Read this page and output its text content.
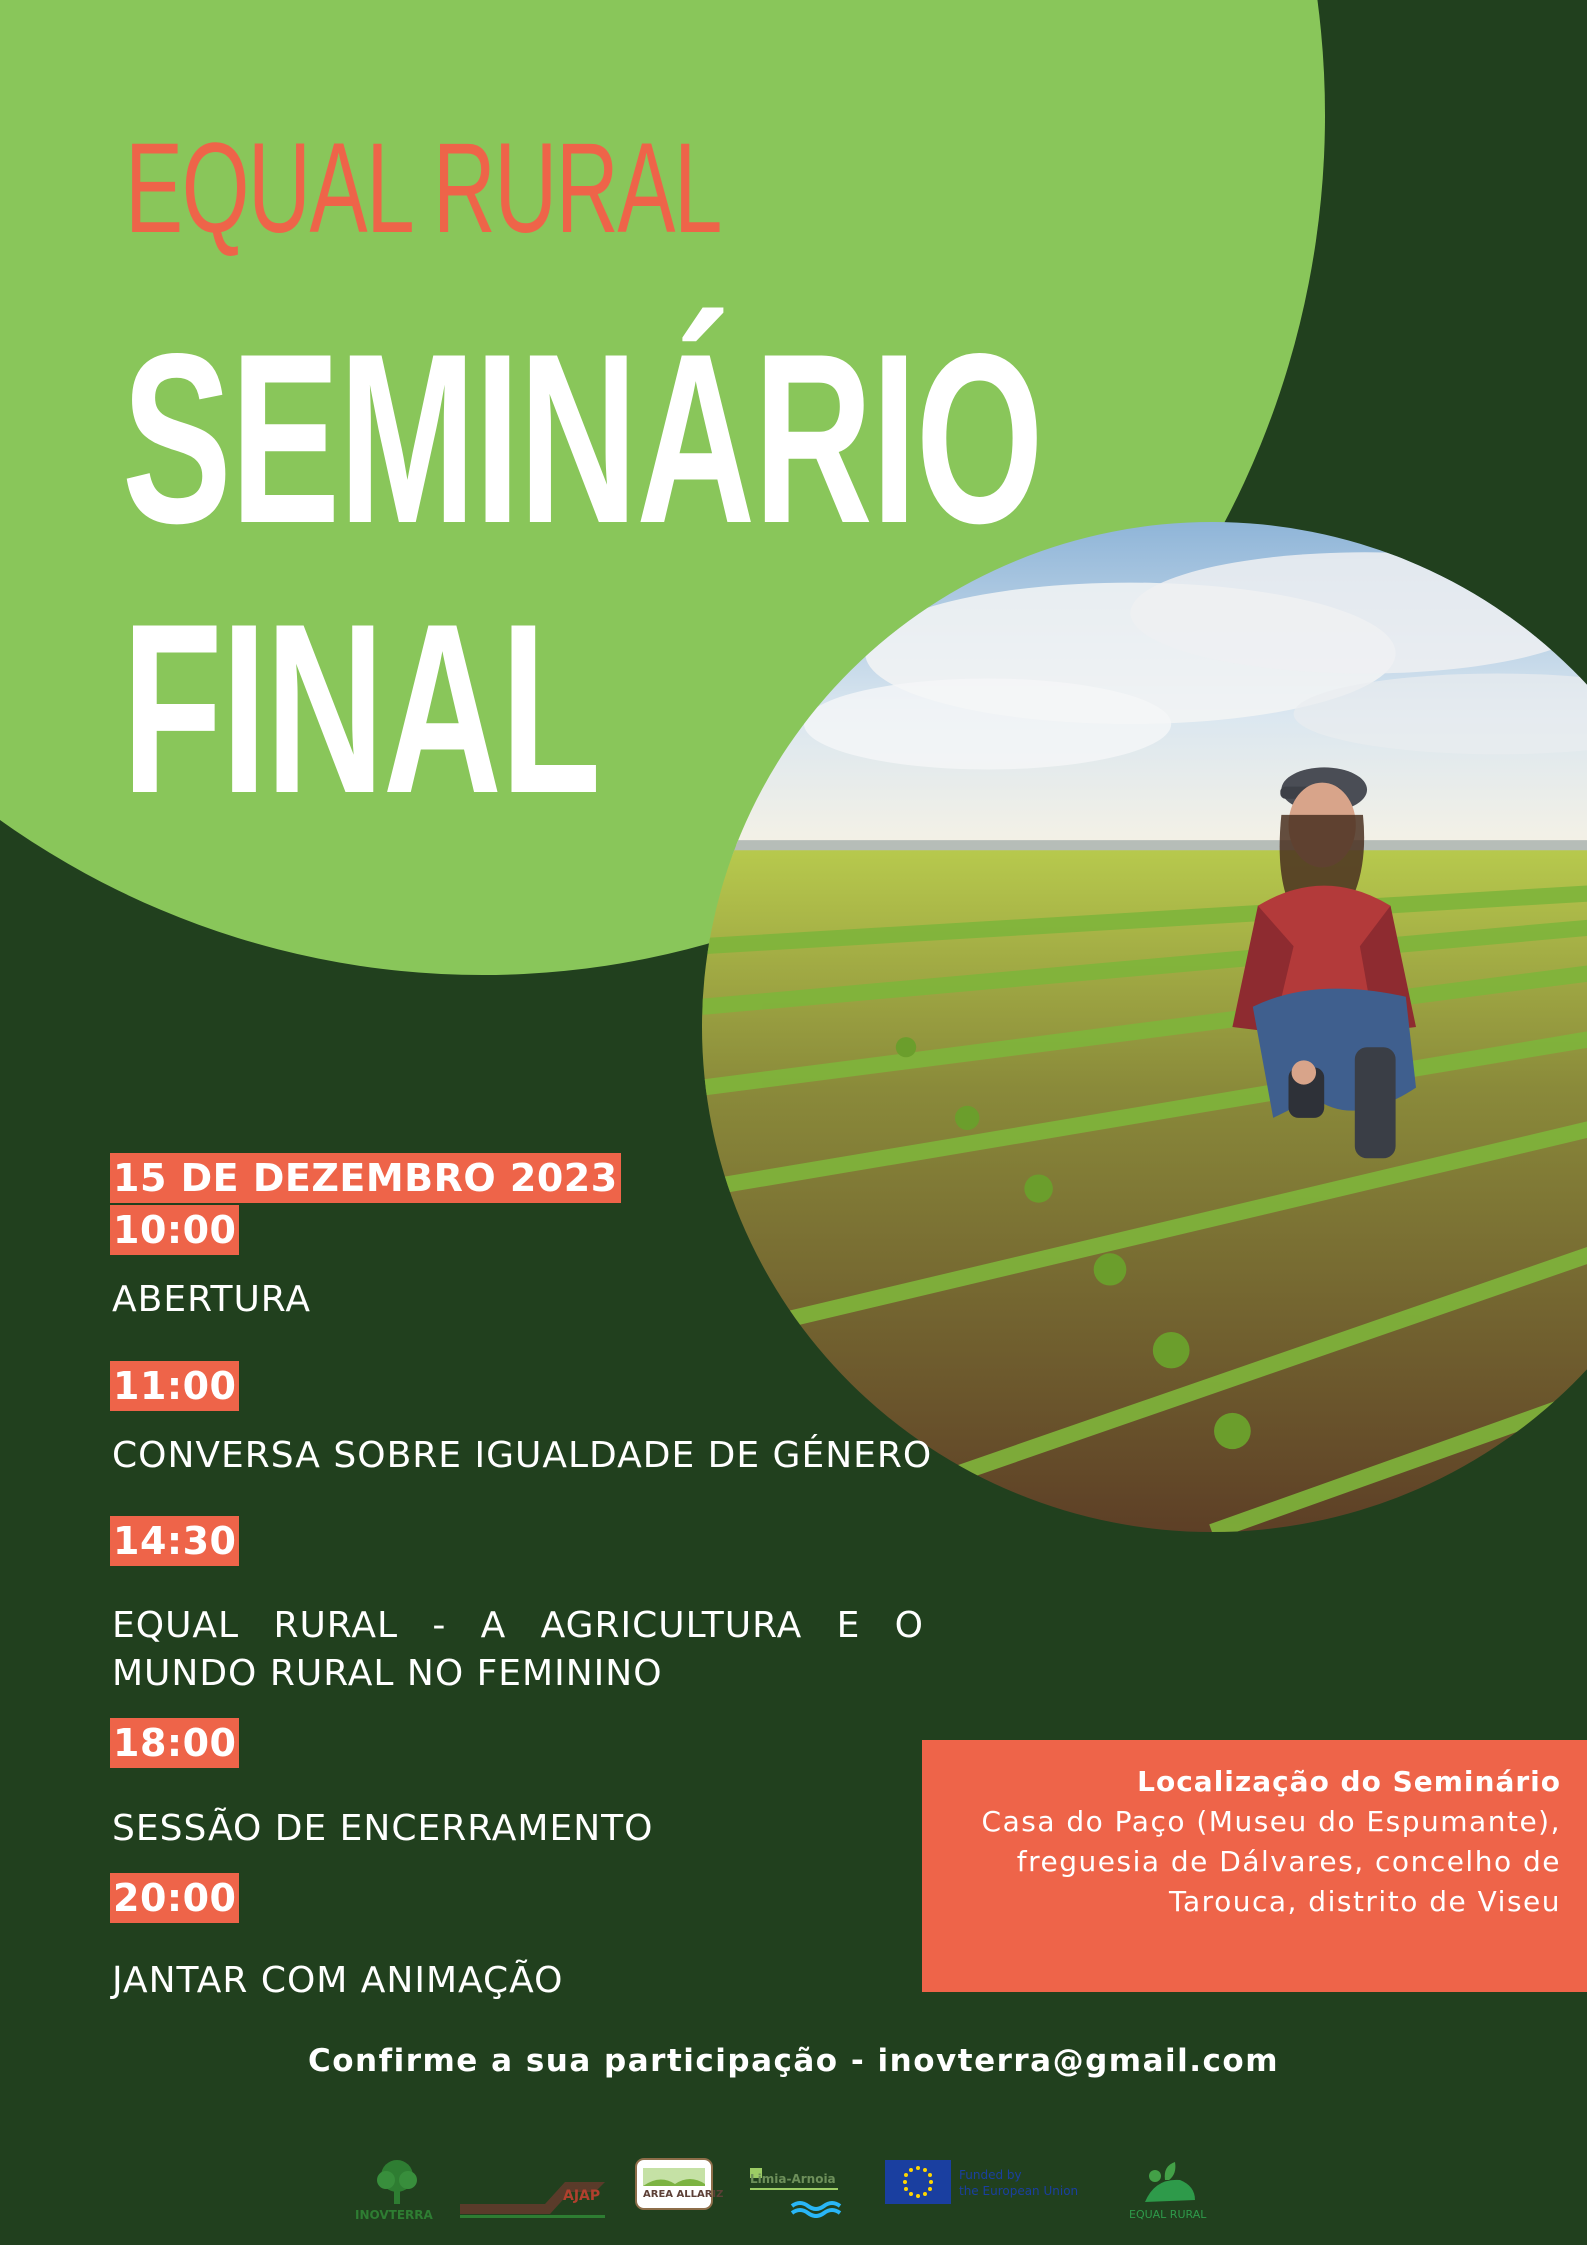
EQUAL RURAL
SEMINÁRIO
FINAL
15 DE DEZEMBRO 2023
10:00
ABERTURA
11:00
CONVERSA SOBRE IGUALDADE DE GÉNERO
14:30
EQUAL RURAL - A AGRICULTURA E O MUNDO RURAL NO FEMININO
18:00
SESSÃO DE ENCERRAMENTO
20:00
JANTAR COM ANIMAÇÃO
Localização do Seminário
Casa do Paço (Museu do Espumante),
freguesia de Dálvares, concelho de
Tarouca, distrito de Viseu
Confirme a sua participação - inovterra@gmail.com
INOVTERRA
AJAP	AREA ALLARIZ
Limia-Arnoia	Funded by
the European Union
EQUAL RURAL
